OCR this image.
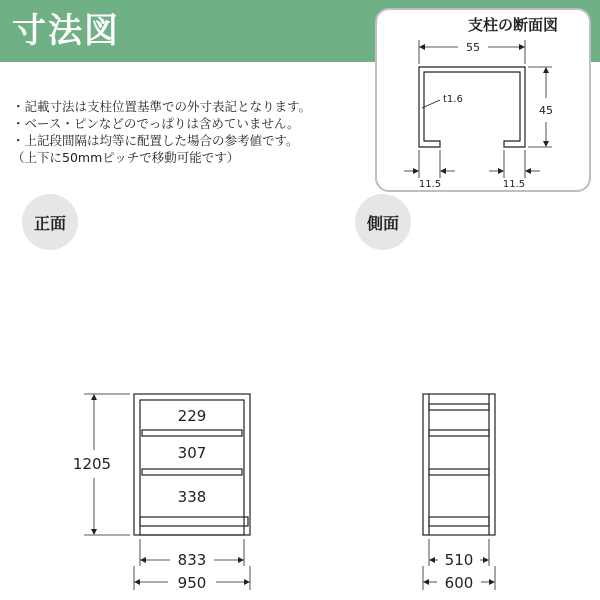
寸法図	支柱の断面図
55
45
t1.6
11.5	11.5
・記載寸法は支柱位置基準での外寸表記となります。
・ベース・ピンなどのでっぱりは含めていません。
・上記段間隔は均等に配置した場合の参考値です。
（上下に50mmピッチで移動可能です）
正面	側面
1205
229
307
338
833
950
510
600
